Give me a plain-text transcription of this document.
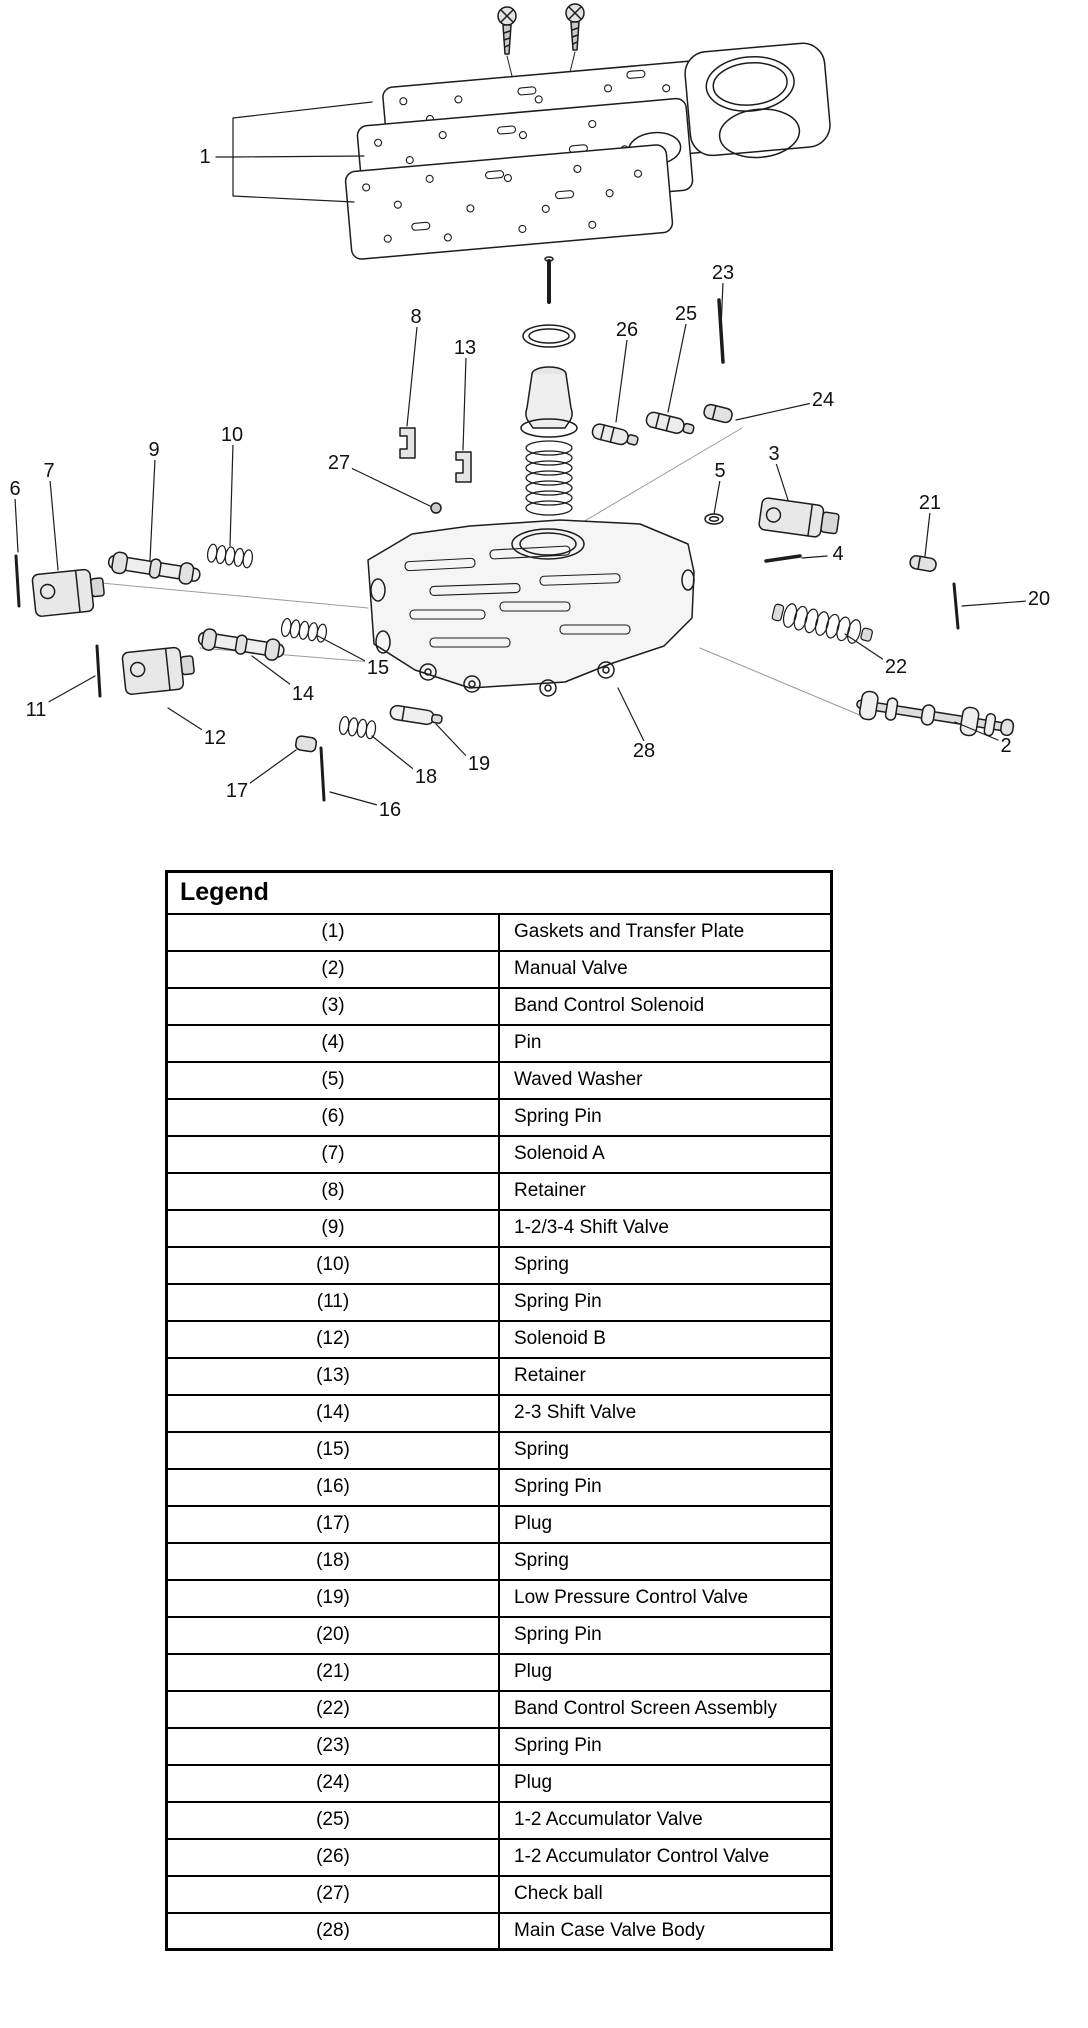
1
2
3
4
5
6
7
8
9
10
11
12
13
14
15
16
17
18
19
20
21
22
23
24
25
26
27
28
Legend	
(1)	Gaskets and Transfer Plate
(2)	Manual Valve
(3)	Band Control Solenoid
(4)	Pin
(5)	Waved Washer
(6)	Spring Pin
(7)	Solenoid A
(8)	Retainer
(9)	1-2/3-4 Shift Valve
(10)	Spring
(11)	Spring Pin
(12)	Solenoid B
(13)	Retainer
(14)	2-3 Shift Valve
(15)	Spring
(16)	Spring Pin
(17)	Plug
(18)	Spring
(19)	Low Pressure Control Valve
(20)	Spring Pin
(21)	Plug
(22)	Band Control Screen Assembly
(23)	Spring Pin
(24)	Plug
(25)	1-2 Accumulator Valve
(26)	1-2 Accumulator Control Valve
(27)	Check ball
(28)	Main Case Valve Body
